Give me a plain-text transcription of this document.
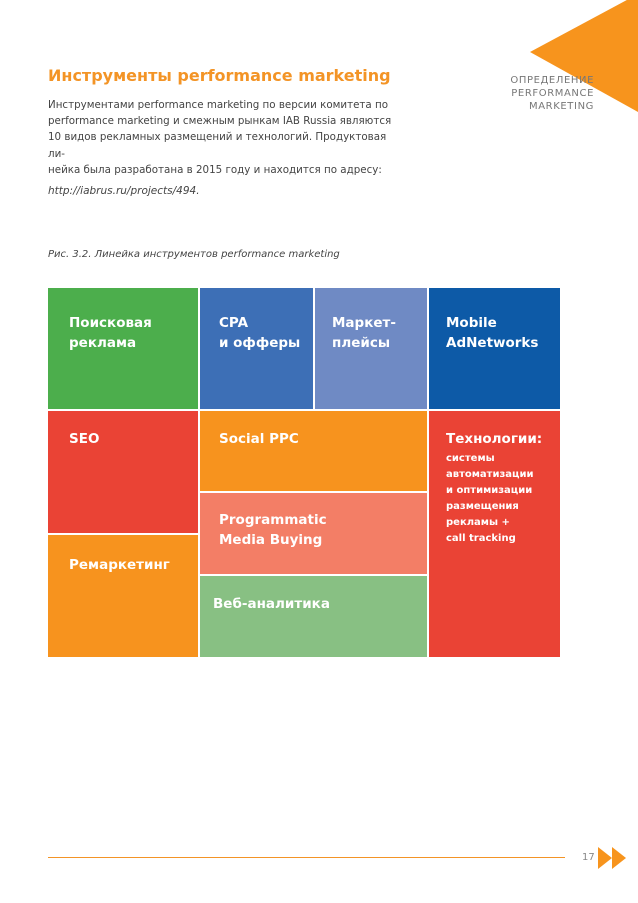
ОПРЕДЕЛЕНИЕ
PERFORMANCE
MARKETING
Инструменты performance marketing
Инструментами performance marketing по версии комитета по
performance marketing и смежным рынкам IAB Russia являются
10 видов рекламных размещений и технологий. Продуктовая ли-
нейка была разработана в 2015 году и находится по адресу:
http://iabrus.ru/projects/494.
Рис. 3.2. Линейка инструментов performance marketing
Поисковая
реклама
CPA
и офферы
Маркет-
плейсы
Mobile
AdNetworks
SEO
Ремаркетинг
Social PPC
Programmatic
Media Buying
Веб-аналитика
Технологии:
системы
автоматизации
и оптимизации
размещения
рекламы +
call tracking
17
